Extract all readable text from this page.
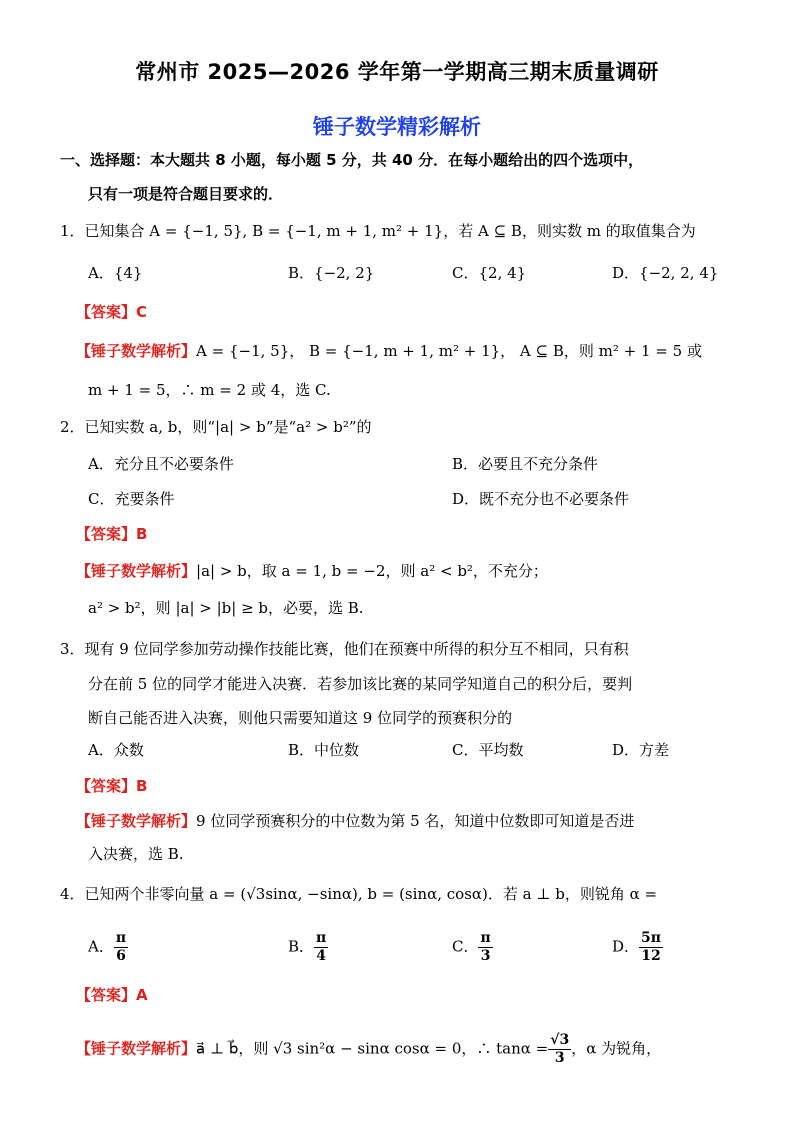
常州市 2025—2026 学年第一学期高三期末质量调研
锤子数学精彩解析
一、选择题：本大题共 8 小题，每小题 5 分，共 40 分．在每小题给出的四个选项中，
只有一项是符合题目要求的．
1．已知集合 A = {−1, 5}, B = {−1, m + 1, m² + 1}，若 A ⊆ B，则实数 m 的取值集合为
A．{4}	B．{−2, 2}	C．{2, 4}	D．{−2, 2, 4}
【答案】C
【锤子数学解析】A = {−1, 5}， B = {−1, m + 1, m² + 1}， A ⊆ B，则 m² + 1 = 5 或
m + 1 = 5，∴ m = 2 或 4，选 C.
2．已知实数 a, b，则“|a| > b”是“a² > b²”的
A．充分且不必要条件	B．必要且不充分条件
C．充要条件	D．既不充分也不必要条件
【答案】B
【锤子数学解析】|a| > b，取 a = 1, b = −2，则 a² < b²，不充分；
a² > b²，则 |a| > |b| ≥ b，必要，选 B.
3．现有 9 位同学参加劳动操作技能比赛，他们在预赛中所得的积分互不相同，只有积
分在前 5 位的同学才能进入决赛．若参加该比赛的某同学知道自己的积分后，要判
断自己能否进入决赛，则他只需要知道这 9 位同学的预赛积分的
A．众数	B．中位数	C．平均数	D．方差
【答案】B
【锤子数学解析】9 位同学预赛积分的中位数为第 5 名，知道中位数即可知道是否进
入决赛，选 B.
4．已知两个非零向量 a = (√3sinα, −sinα), b = (sinα, cosα)．若 a ⊥ b，则锐角 α =
A． $\frac{\pi}{6}$	B． $\frac{\pi}{4}$	C． $\frac{\pi}{3}$	D． $\frac{5\pi}{12}$
【答案】A
【锤子数学解析】a⃗ ⊥ b⃗，则 √3 sin²α − sinα cosα = 0，∴ $\tan\alpha = \frac{√3}{3}$ ，α 为锐角，
